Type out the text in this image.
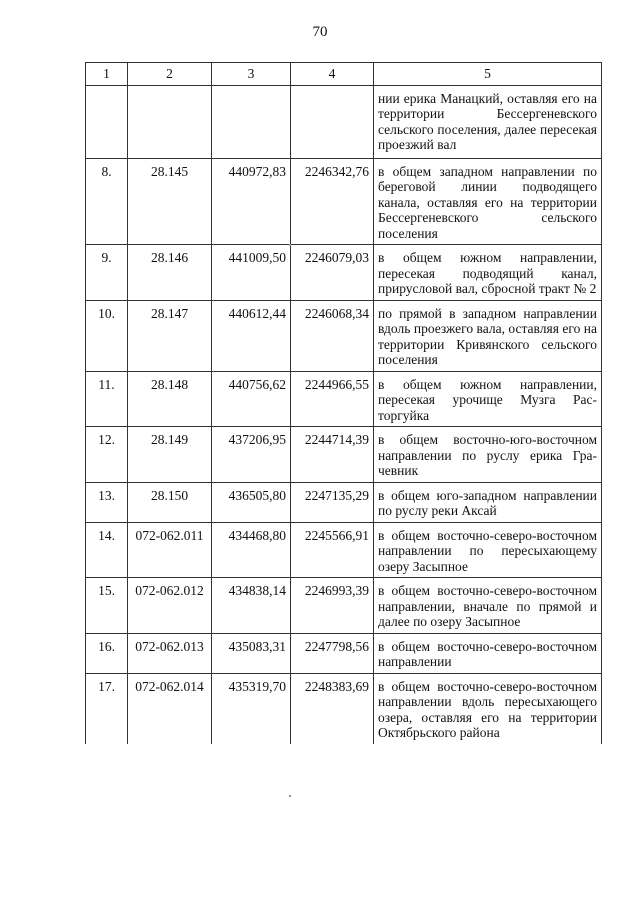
70
1	2	3	4	5
				нии ерика Манацкий, оставляя его на территории Бессергеневского сельского поселения, далее пересекая проезжий вал
8.	28.145	440972,83	2246342,76	в общем западном направлении по береговой линии подводящего канала, оставляя его на территории Бессергеневского сельского поселения
9.	28.146	441009,50	2246079,03	в общем южном направлении, пересекая подводящий канал, прирусловой вал, сбросной тракт № 2
10.	28.147	440612,44	2246068,34	по прямой в западном направлении вдоль проезжего вала, оставляя его на территории Кривянского сельского поселения
11.	28.148	440756,62	2244966,55	в общем южном направлении, пересекая урочище Музга Расторгуйка
12.	28.149	437206,95	2244714,39	в общем восточно-юго-восточном направлении по руслу ерика Грачевник
13.	28.150	436505,80	2247135,29	в общем юго-западном направлении по руслу реки Аксай
14.	072-062.011	434468,80	2245566,91	в общем восточно-северо-восточном направлении по пересыхающему озеру Засыпное
15.	072-062.012	434838,14	2246993,39	в общем восточно-северо-восточном направлении, вначале по прямой и далее по озеру Засыпное
16.	072-062.013	435083,31	2247798,56	в общем восточно-северо-восточном направлении
17.	072-062.014	435319,70	2248383,69	в общем восточно-северо-восточном направлении вдоль пересыхающего озера, оставляя его на территории Октябрьского района
